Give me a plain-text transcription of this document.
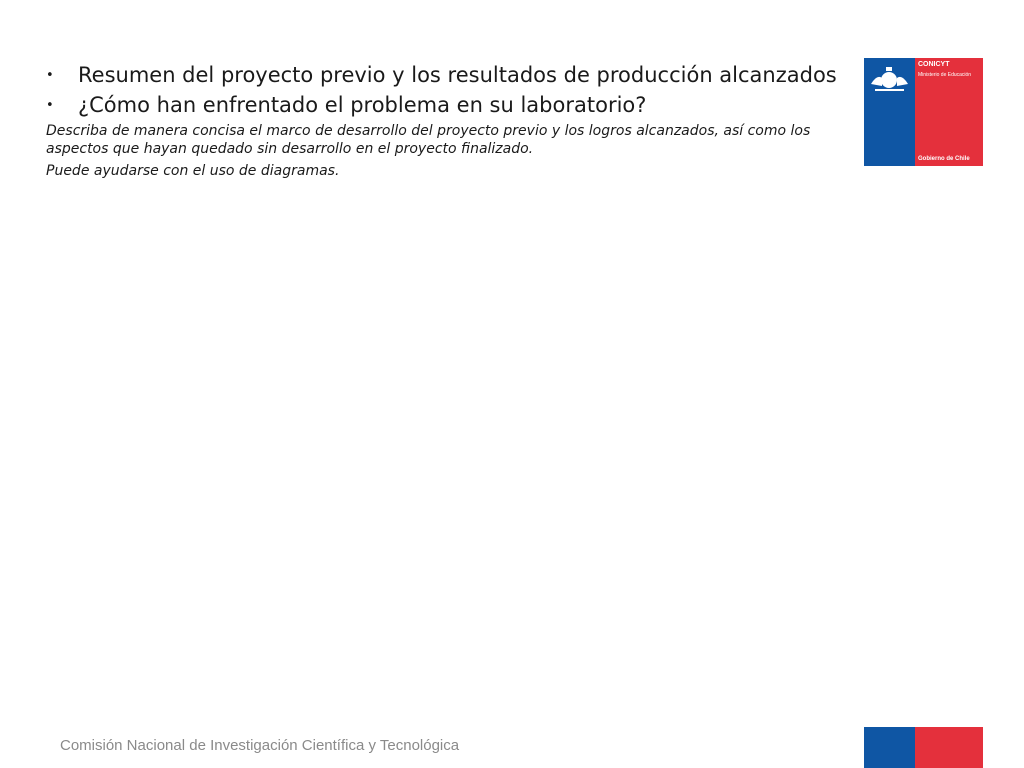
• Resumen del proyecto previo y los resultados de producción alcanzados
• ¿Cómo han enfrentado el problema en su laboratorio?

Describa de manera concisa el marco de desarrollo del proyecto previo y los logros alcanzados, así como los aspectos que hayan quedado sin desarrollo en el proyecto finalizado.

Puede ayudarse con el uso de diagramas.

CONICYT
Ministerio de Educación
Gobierno de Chile
Comisión Nacional de Investigación Científica y Tecnológica
